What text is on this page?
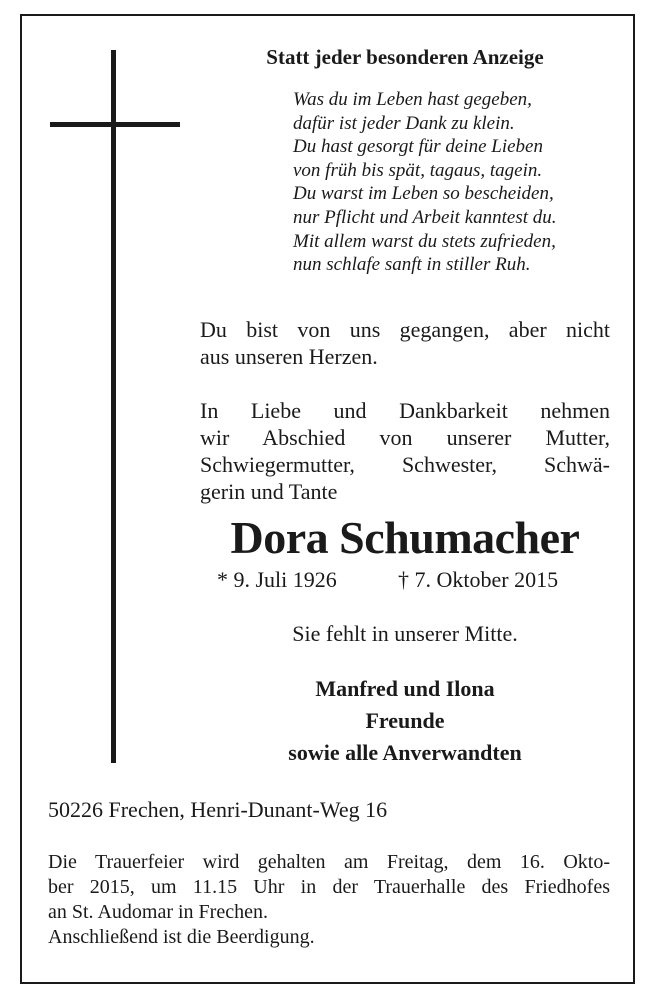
Statt jeder besonderen Anzeige
Was du im Leben hast gegeben,
dafür ist jeder Dank zu klein.
Du hast gesorgt für deine Lieben
von früh bis spät, tagaus, tagein.
Du warst im Leben so bescheiden,
nur Pflicht und Arbeit kanntest du.
Mit allem warst du stets zufrieden,
nun schlafe sanft in stiller Ruh.
Du bist von uns gegangen, aber nicht
aus unseren Herzen.
In Liebe und Dankbarkeit nehmen
wir Abschied von unserer Mutter,
Schwiegermutter, Schwester, Schwä-
gerin und Tante
Dora Schumacher
* 9. Juli 1926	† 7. Oktober 2015
Sie fehlt in unserer Mitte.
Manfred und Ilona
Freunde
sowie alle Anverwandten
50226 Frechen, Henri-Dunant-Weg 16
Die Trauerfeier wird gehalten am Freitag, dem 16. Okto-
ber 2015, um 11.15 Uhr in der Trauerhalle des Friedhofes
an St. Audomar in Frechen.
Anschließend ist die Beerdigung.
